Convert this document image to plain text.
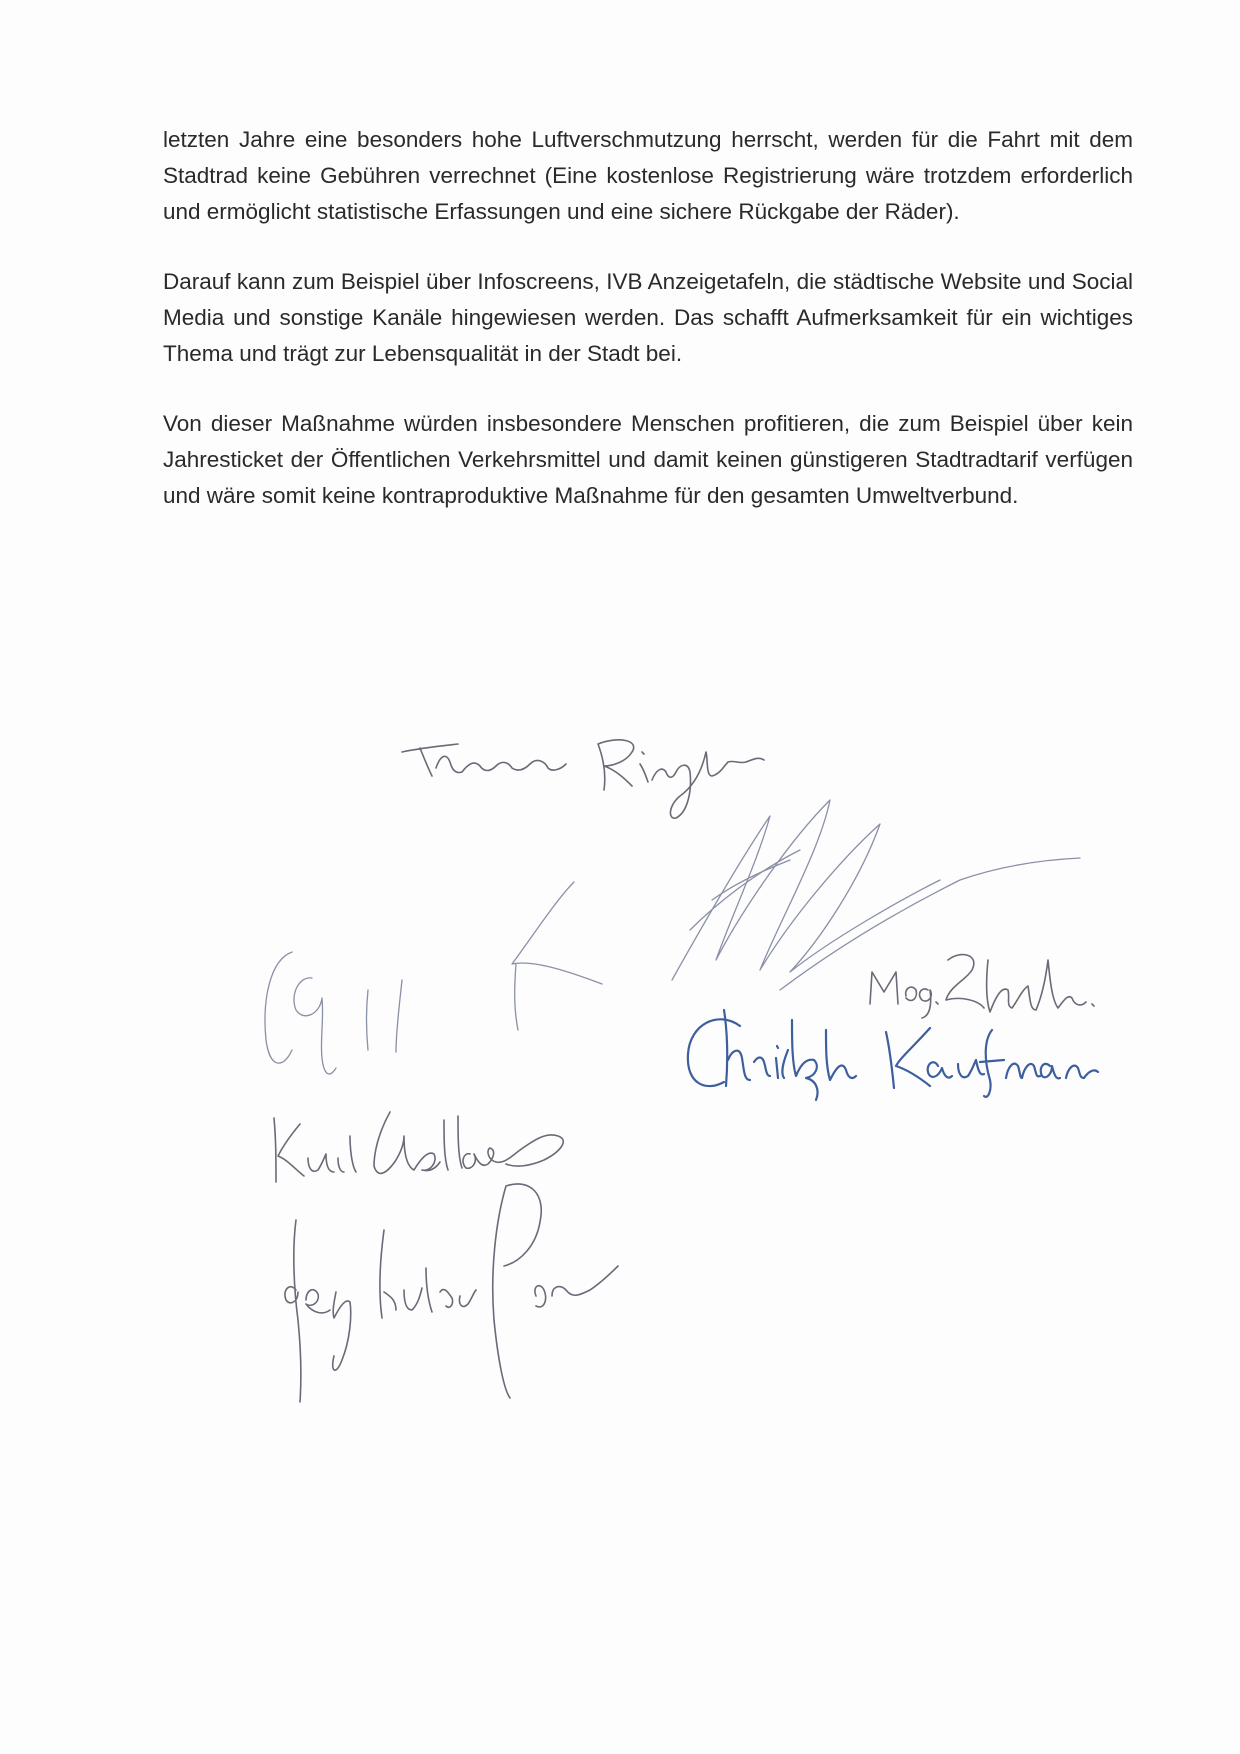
letzten Jahre eine besonders hohe Luftverschmutzung herrscht, werden für die Fahrt mit dem Stadtrad keine Gebühren verrechnet (Eine kostenlose Registrierung wäre trotzdem erforderlich und ermöglicht statistische Erfassungen und eine sichere Rückgabe der Räder).

Darauf kann zum Beispiel über Infoscreens, IVB Anzeigetafeln, die städtische Website und Social Media und sonstige Kanäle hingewiesen werden. Das schafft Aufmerksamkeit für ein wichtiges Thema und trägt zur Lebensqualität in der Stadt bei.

Von dieser Maßnahme würden insbesondere Menschen profitieren, die zum Beispiel über kein Jahresticket der Öffentlichen Verkehrsmittel und damit keinen günstigeren Stadtradtarif verfügen und wäre somit keine kontraproduktive Maßnahme für den gesamten Umweltverbund.
